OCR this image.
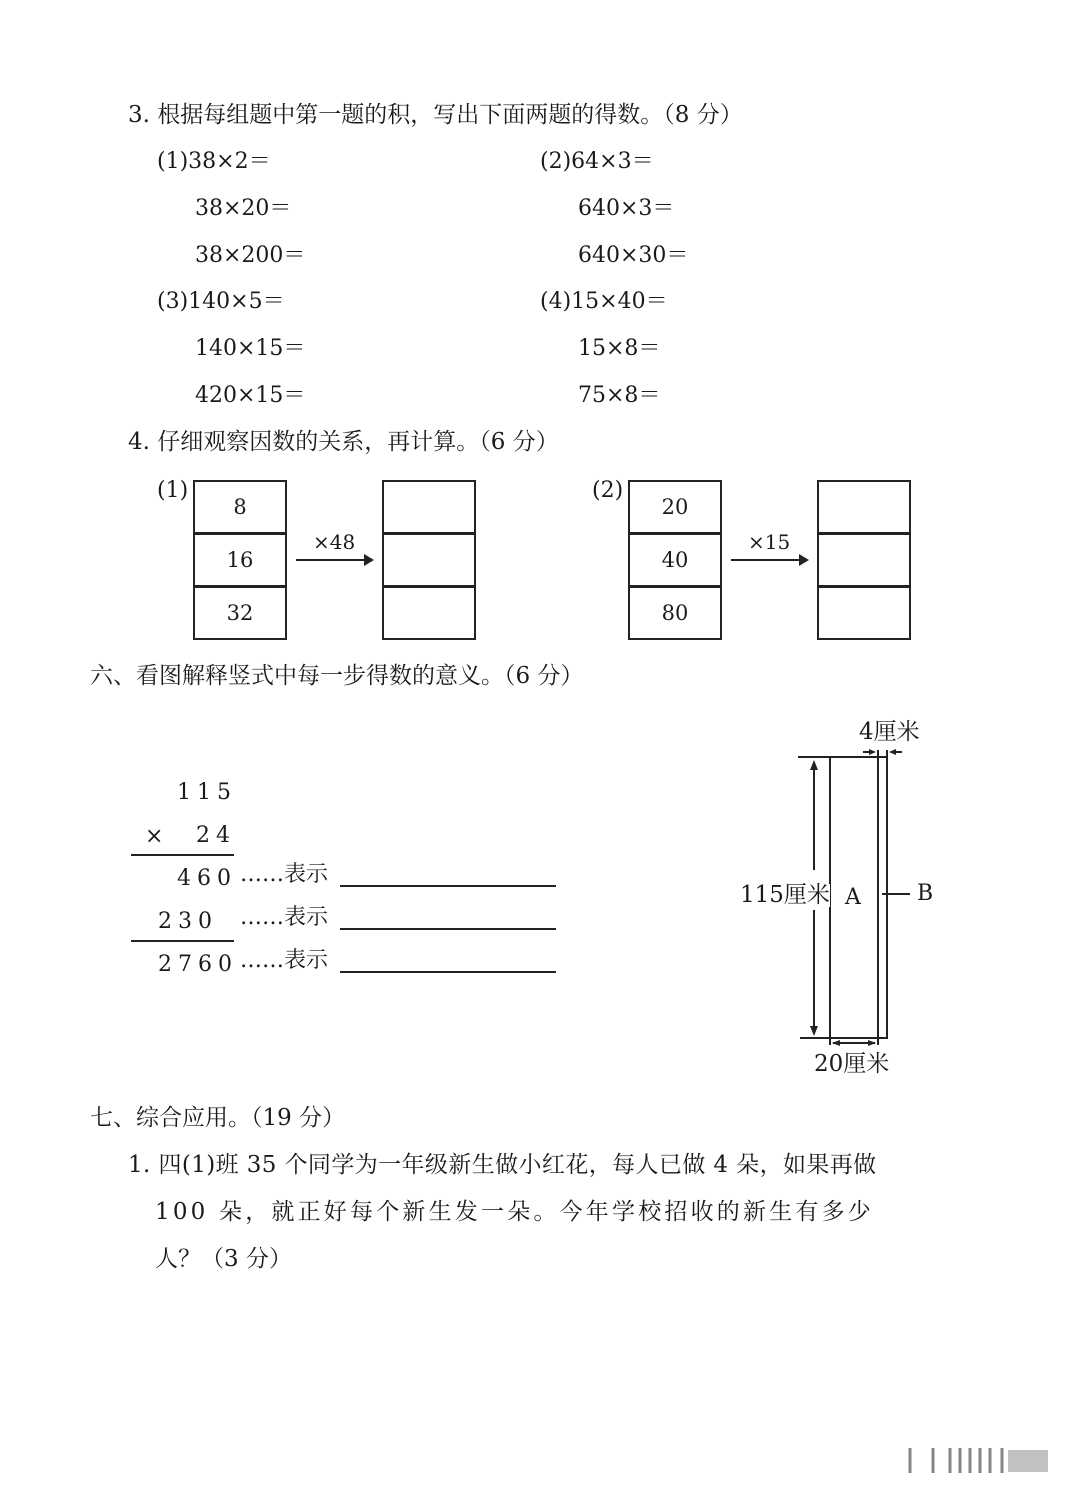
3. 根据每组题中第一题的积，写出下面两题的得数。（8 分）
(1)38×2＝
38×20＝
38×200＝
(2)64×3＝
640×3＝
640×30＝
(3)140×5＝
140×15＝
420×15＝
(4)15×40＝
15×8＝
75×8＝
4. 仔细观察因数的关系，再计算。（6 分）
(1)
8
16
32
×48
(2)
20
40
80
×15
六、看图解释竖式中每一步得数的意义。（6 分）
115
× 24
460 ……表示
230 ……表示
2760 ……表示
4厘米
115厘米 A	B
20厘米
七、综合应用。（19 分）
1. 四(1)班 35 个同学为一年级新生做小红花，每人已做 4 朵，如果再做
100 朵，就正好每个新生发一朵。今年学校招收的新生有多少
人？（3 分）
